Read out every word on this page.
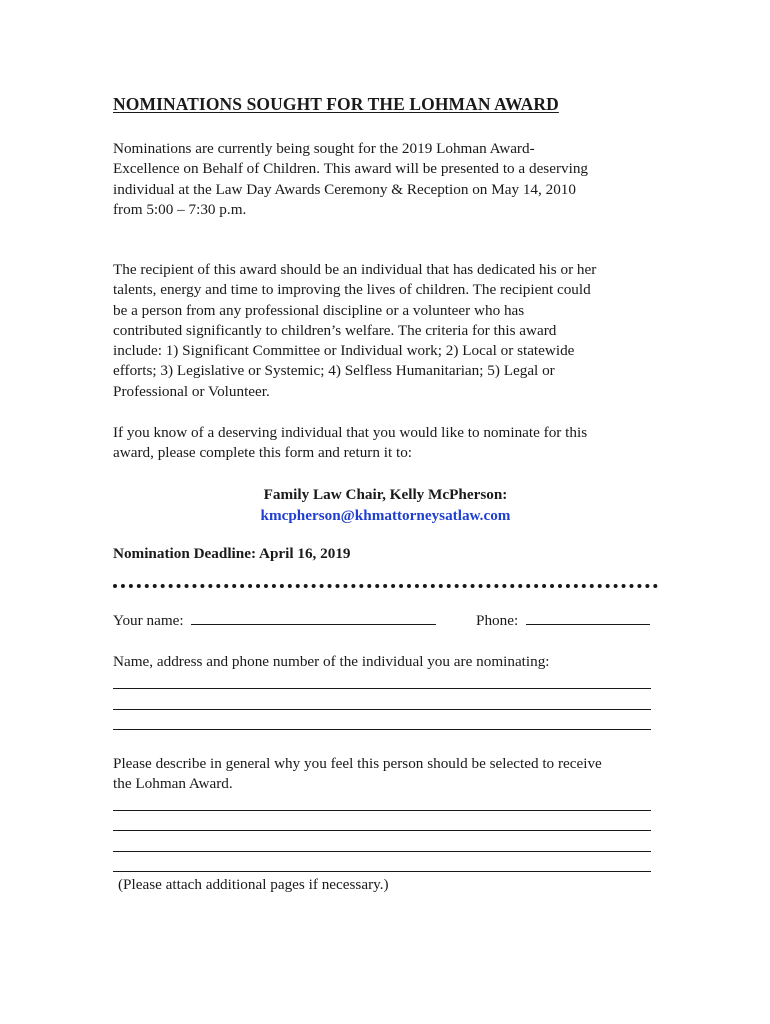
NOMINATIONS SOUGHT FOR THE LOHMAN AWARD

Nominations are currently being sought for the 2019 Lohman Award-
Excellence on Behalf of Children. This award will be presented to a deserving
individual at the Law Day Awards Ceremony & Reception on May 14, 2010
from 5:00 – 7:30 p.m.

The recipient of this award should be an individual that has dedicated his or her
talents, energy and time to improving the lives of children. The recipient could
be a person from any professional discipline or a volunteer who has
contributed significantly to children’s welfare. The criteria for this award
include: 1) Significant Committee or Individual work; 2) Local or statewide
efforts; 3) Legislative or Systemic; 4) Selfless Humanitarian; 5) Legal or
Professional or Volunteer.

If you know of a deserving individual that you would like to nominate for this
award, please complete this form and return it to:

Family Law Chair, Kelly McPherson:
kmcpherson@khmattorneysatlaw.com
Nomination Deadline: April 16, 2019
Your name:	Phone:
Name, address and phone number of the individual you are nominating:
Please describe in general why you feel this person should be selected to receive
the Lohman Award.
(Please attach additional pages if necessary.)
